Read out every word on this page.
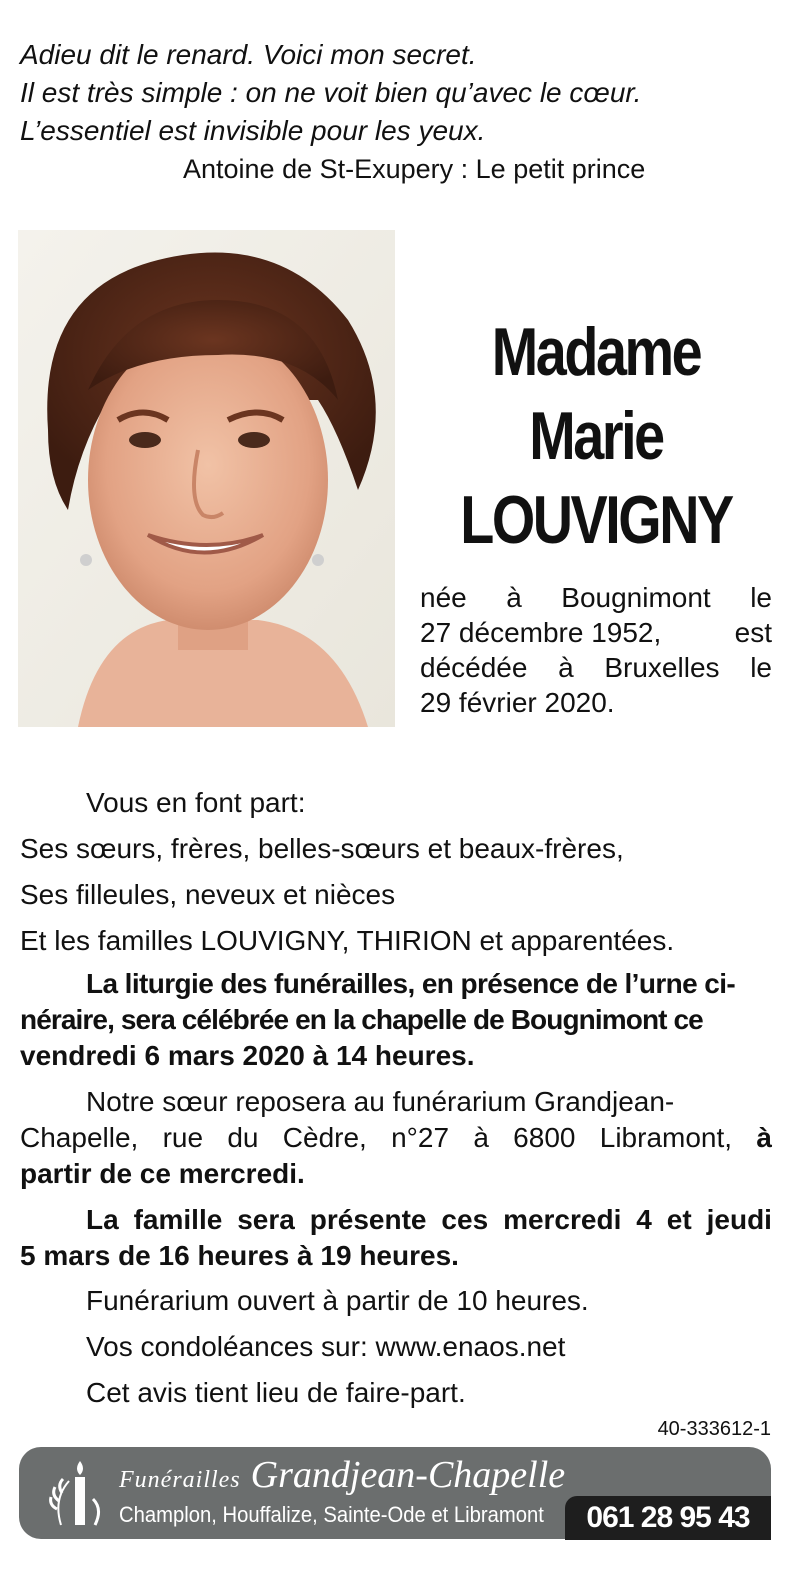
Adieu dit le renard. Voici mon secret.
Il est très simple : on ne voit bien qu’avec le cœur.
L’essentiel est invisible pour les yeux.
Antoine de St-Exupery : Le petit prince
Madame
Marie
LOUVIGNY
née à Bougnimont le
27 décembre 1952,	est
décédée à Bruxelles le
29 février 2020.
Vous en font part:
Ses sœurs, frères, belles-sœurs et beaux-frères,
Ses filleules, neveux et nièces
Et les familles LOUVIGNY, THIRION et apparentées.
La liturgie des funérailles, en présence de l’urne ci-
néraire, sera célébrée en la chapelle de Bougnimont ce
vendredi 6 mars 2020 à 14 heures.
Notre sœur reposera au funérarium Grandjean-
Chapelle, rue du Cèdre, n°27 à 6800 Libramont, à
partir de ce mercredi.
La famille sera présente ces mercredi 4 et jeudi
5 mars de 16 heures à 19 heures.
Funérarium ouvert à partir de 10 heures.
Vos condoléances sur: www.enaos.net
Cet avis tient lieu de faire-part.
40-333612-1
Funérailles Grandjean-Chapelle
Champlon, Houffalize, Sainte-Ode et Libramont	061 28 95 43
